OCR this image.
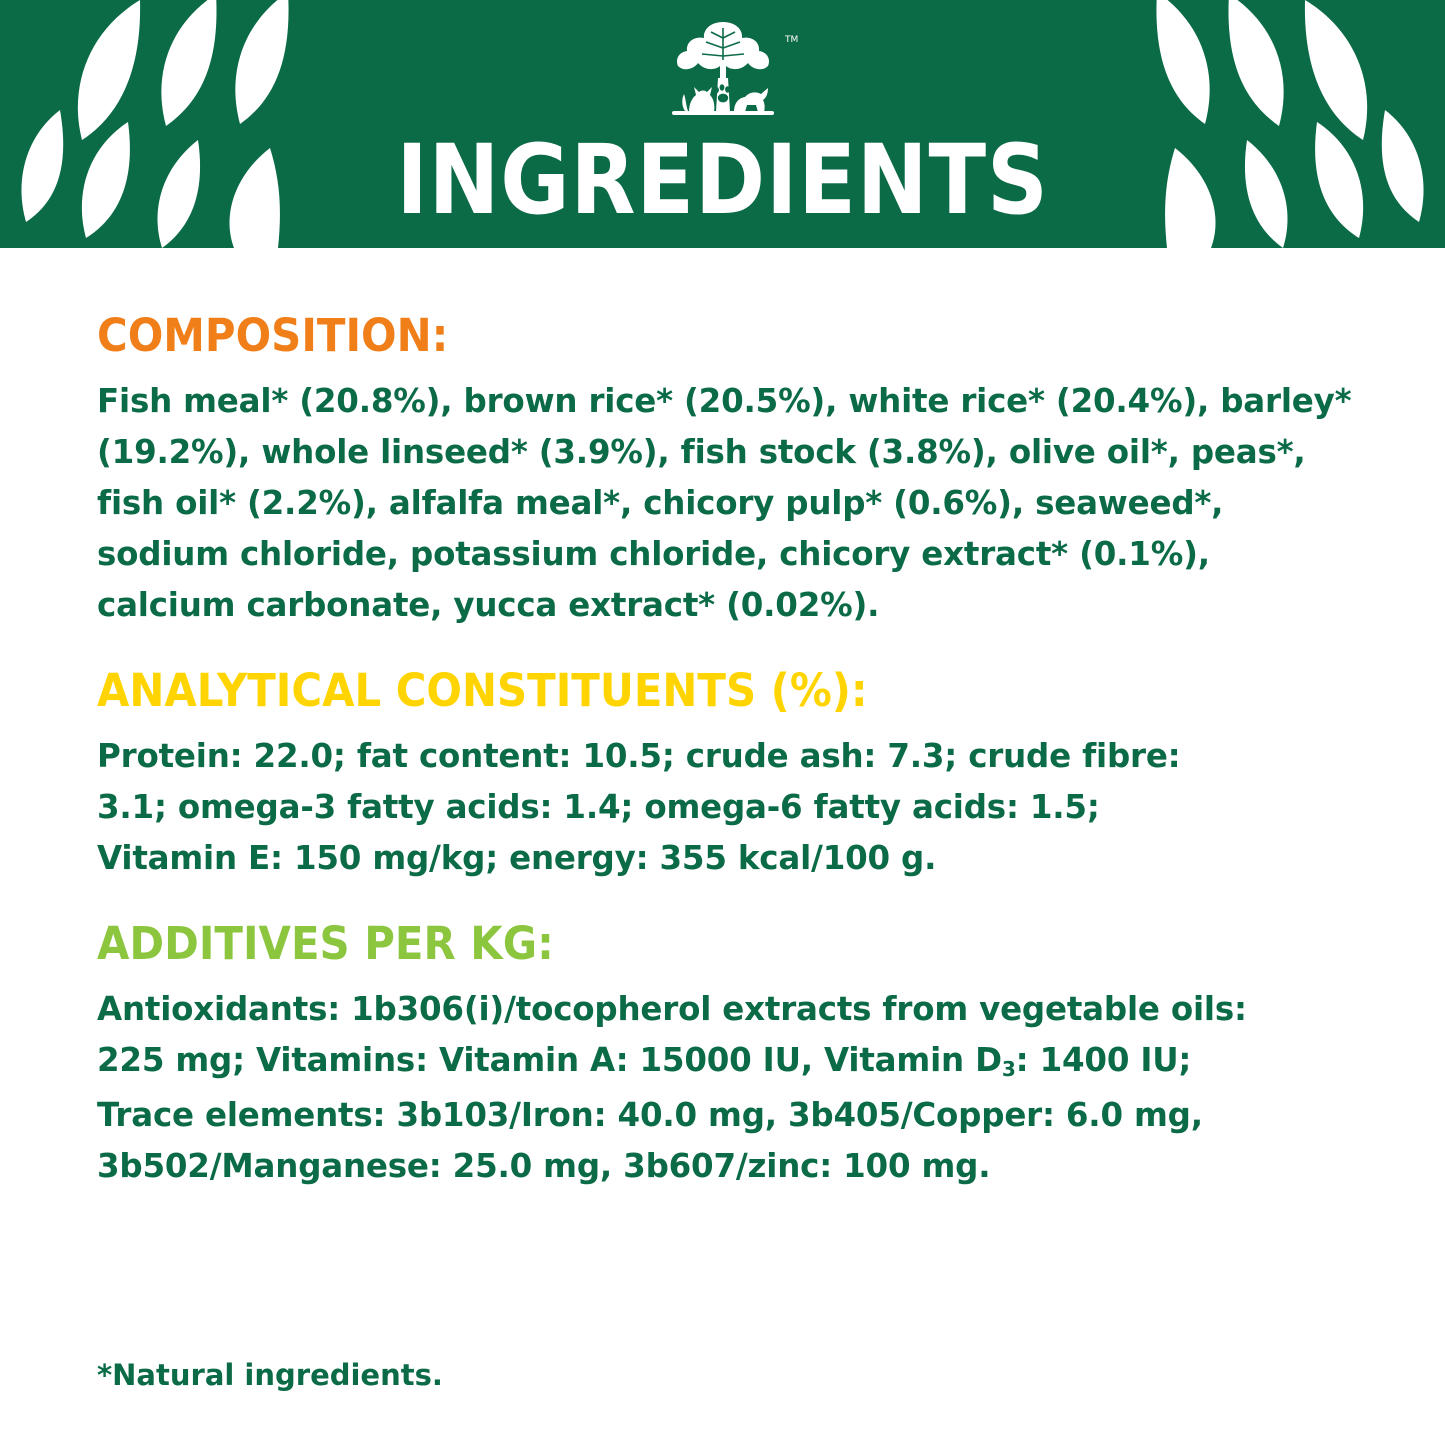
TM
INGREDIENTS
COMPOSITION:

Fish meal* (20.8%), brown rice* (20.5%), white rice* (20.4%), barley* (19.2%), whole linseed* (3.9%), fish stock (3.8%), olive oil*, peas*, fish oil* (2.2%), alfalfa meal*, chicory pulp* (0.6%), seaweed*, sodium chloride, potassium chloride, chicory extract* (0.1%), calcium carbonate, yucca extract* (0.02%).

ANALYTICAL CONSTITUENTS (%):

Protein: 22.0; fat content: 10.5; crude ash: 7.3; crude fibre: 3.1; omega-3 fatty acids: 1.4; omega-6 fatty acids: 1.5; Vitamin E: 150 mg/kg; energy: 355 kcal/100 g.

ADDITIVES PER KG:

Antioxidants: 1b306(i)/tocopherol extracts from vegetable oils: 225 mg; Vitamins: Vitamin A: 15000 IU, Vitamin $D_3$: 1400 IU; Trace elements: 3b103/Iron: 40.0 mg, 3b405/Copper: 6.0 mg, 3b502/Manganese: 25.0 mg, 3b607/zinc: 100 mg.

*Natural ingredients.
